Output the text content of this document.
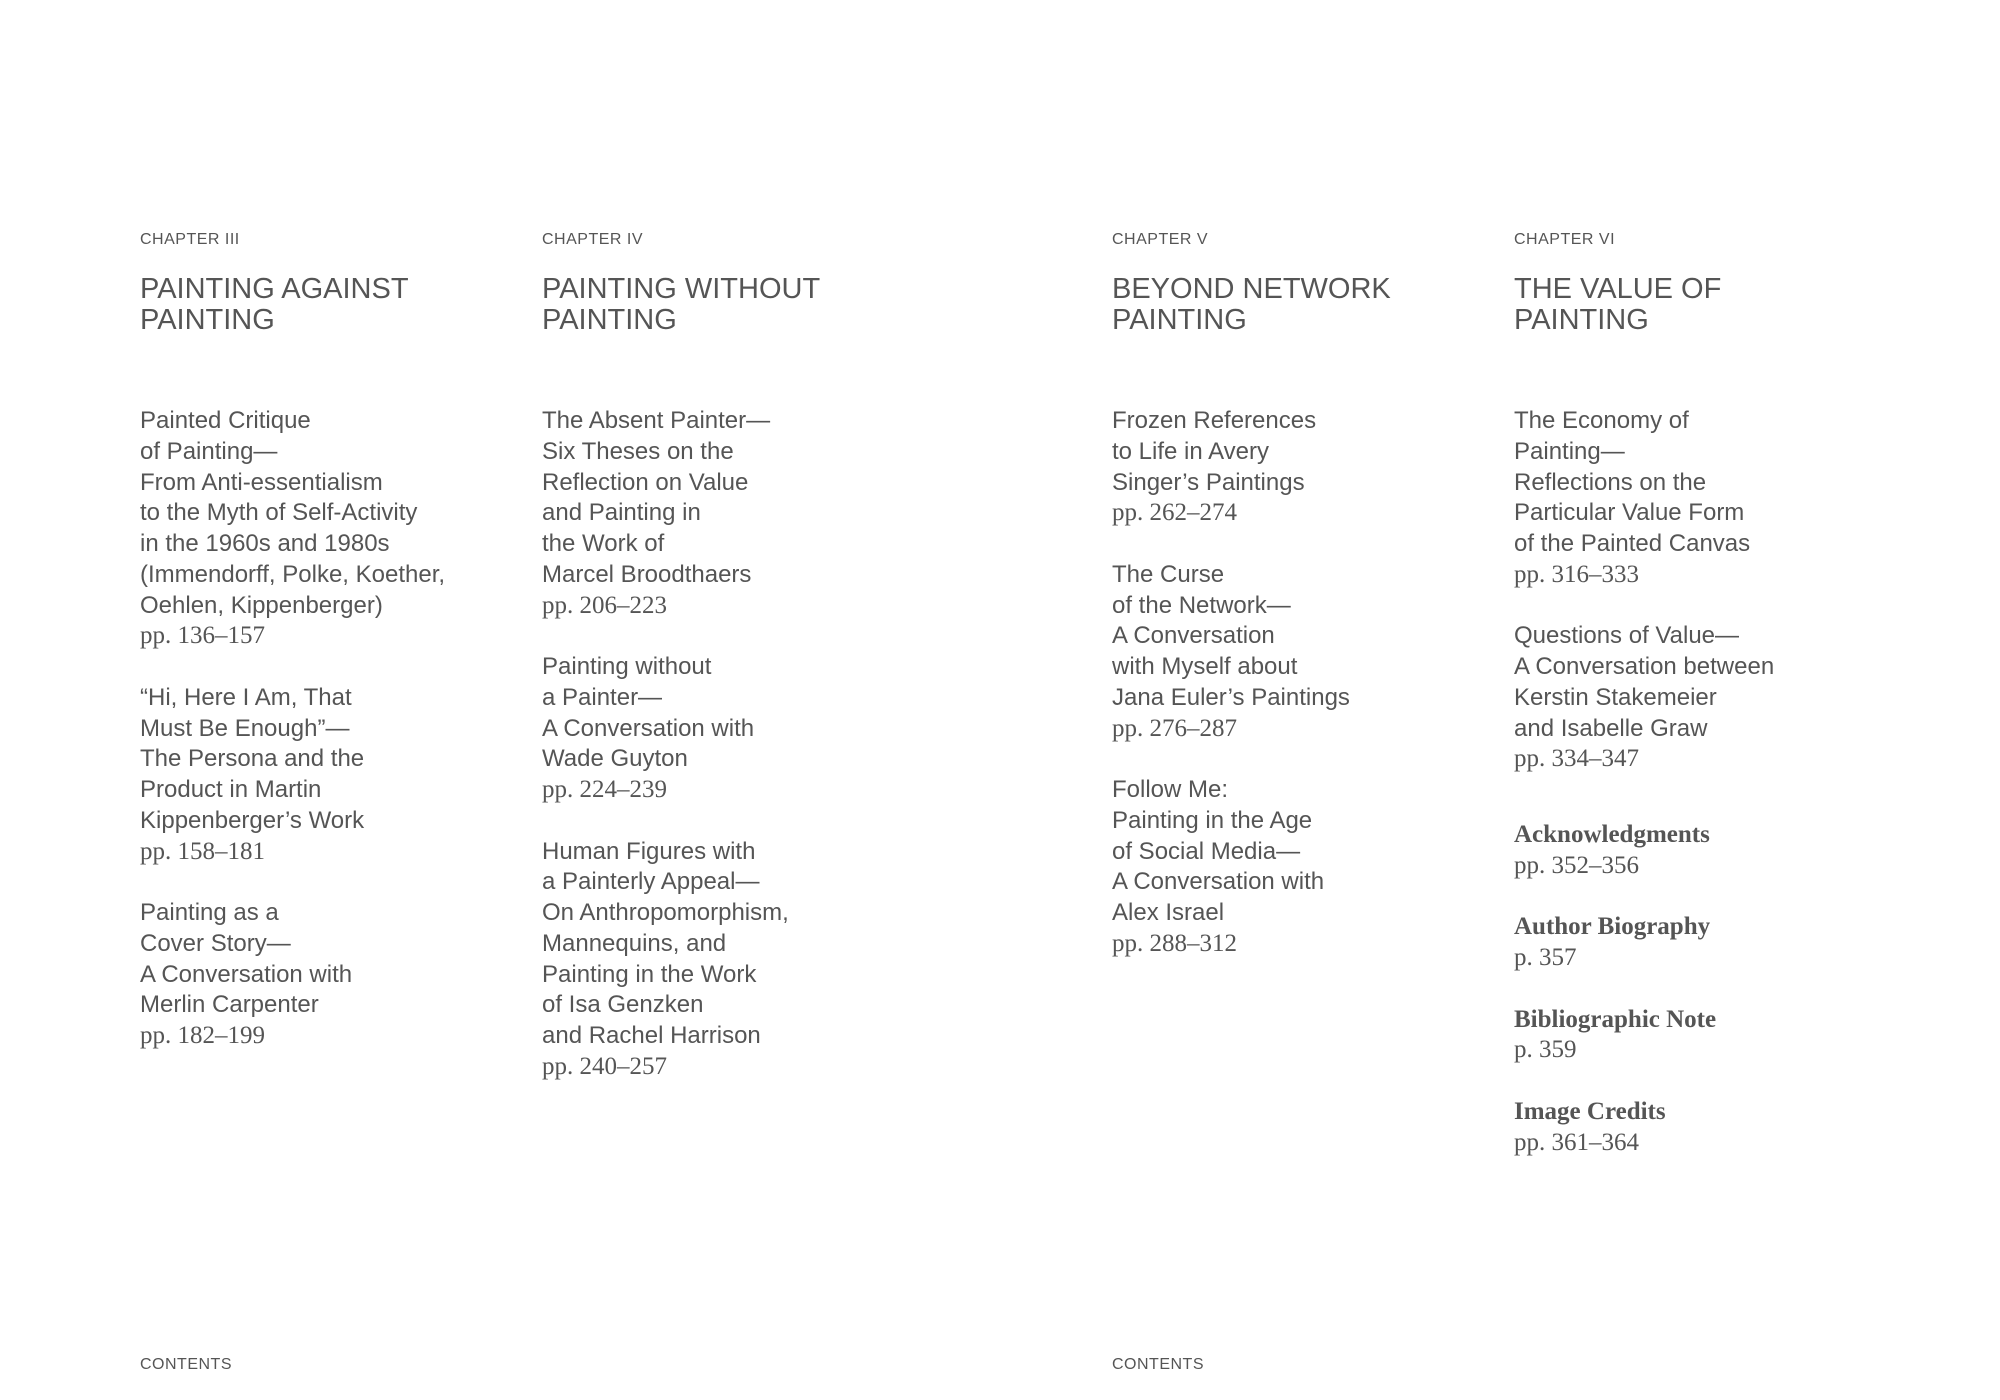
CHAPTER III
PAINTING AGAINST
PAINTING
Painted Critique
of Painting—
From Anti-essentialism
to the Myth of Self-Activity
in the 1960s and 1980s
(Immendorff, Polke, Koether,
Oehlen, Kippenberger)
pp. 136–157
“Hi, Here I Am, That
Must Be Enough”—
The Persona and the
Product in Martin
Kippenberger’s Work
pp. 158–181
Painting as a
Cover Story—
A Conversation with
Merlin Carpenter
pp. 182–199
CHAPTER IV
PAINTING WITHOUT
PAINTING
The Absent Painter—
Six Theses on the
Reflection on Value
and Painting in
the Work of
Marcel Broodthaers
pp. 206–223
Painting without
a Painter—
A Conversation with
Wade Guyton
pp. 224–239
Human Figures with
a Painterly Appeal—
On Anthropomorphism,
Mannequins, and
Painting in the Work
of Isa Genzken
and Rachel Harrison
pp. 240–257
CHAPTER V
BEYOND NETWORK
PAINTING
Frozen References
to Life in Avery
Singer’s Paintings
pp. 262–274
The Curse
of the Network—
A Conversation
with Myself about
Jana Euler’s Paintings
pp. 276–287
Follow Me:
Painting in the Age
of Social Media—
A Conversation with
Alex Israel
pp. 288–312
CHAPTER VI
THE VALUE OF
PAINTING
The Economy of
Painting—
Reflections on the
Particular Value Form
of the Painted Canvas
pp. 316–333
Questions of Value—
A Conversation between
Kerstin Stakemeier
and Isabelle Graw
pp. 334–347
Acknowledgments
pp. 352–356
Author Biography
p. 357
Bibliographic Note
p. 359
Image Credits
pp. 361–364
CONTENTS	CONTENTS
